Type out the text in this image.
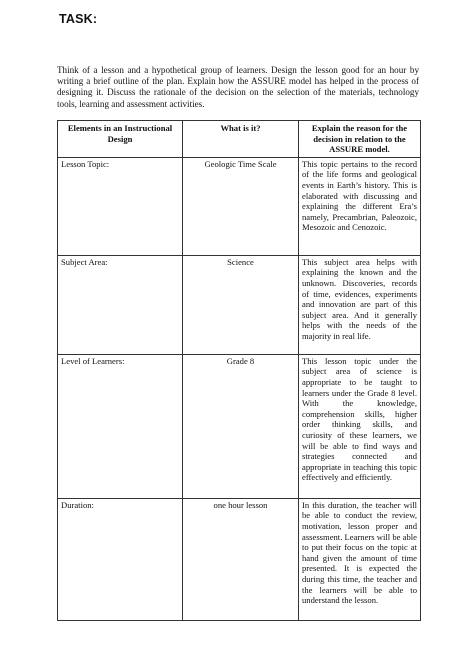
TASK:
Think of a lesson and a hypothetical group of learners. Design the lesson good for an hour by writing a brief outline of the plan. Explain how the ASSURE model has helped in the process of designing it. Discuss the rationale of the decision on the selection of the materials, technology tools, learning and assessment activities.
Elements in an Instructional Design	What is it?	Explain the reason for the decision in relation to the ASSURE model.
Lesson Topic:	Geologic Time Scale	This topic pertains to the record of the life forms and geological events in Earth’s history. This is elaborated with discussing and explaining the different Era’s namely, Precambrian, Paleozoic, Mesozoic and Cenozoic.
Subject Area:	Science	This subject area helps with explaining the known and the unknown. Discoveries, records of time, evidences, experiments and innovation are part of this subject area. And it generally helps with the needs of the majority in real life.
Level of Learners:	Grade 8	This lesson topic under the subject area of science is appropriate to be taught to learners under the Grade 8 level. With the knowledge, comprehension skills, higher order thinking skills, and curiosity of these learners, we will be able to find ways and strategies connected and appropriate in teaching this topic effectively and efficiently.
Duration:	one hour lesson	In this duration, the teacher will be able to conduct the review, motivation, lesson proper and assessment. Learners will be able to put their focus on the topic at hand given the amount of time presented. It is expected the during this time, the teacher and the learners will be able to understand the lesson.
